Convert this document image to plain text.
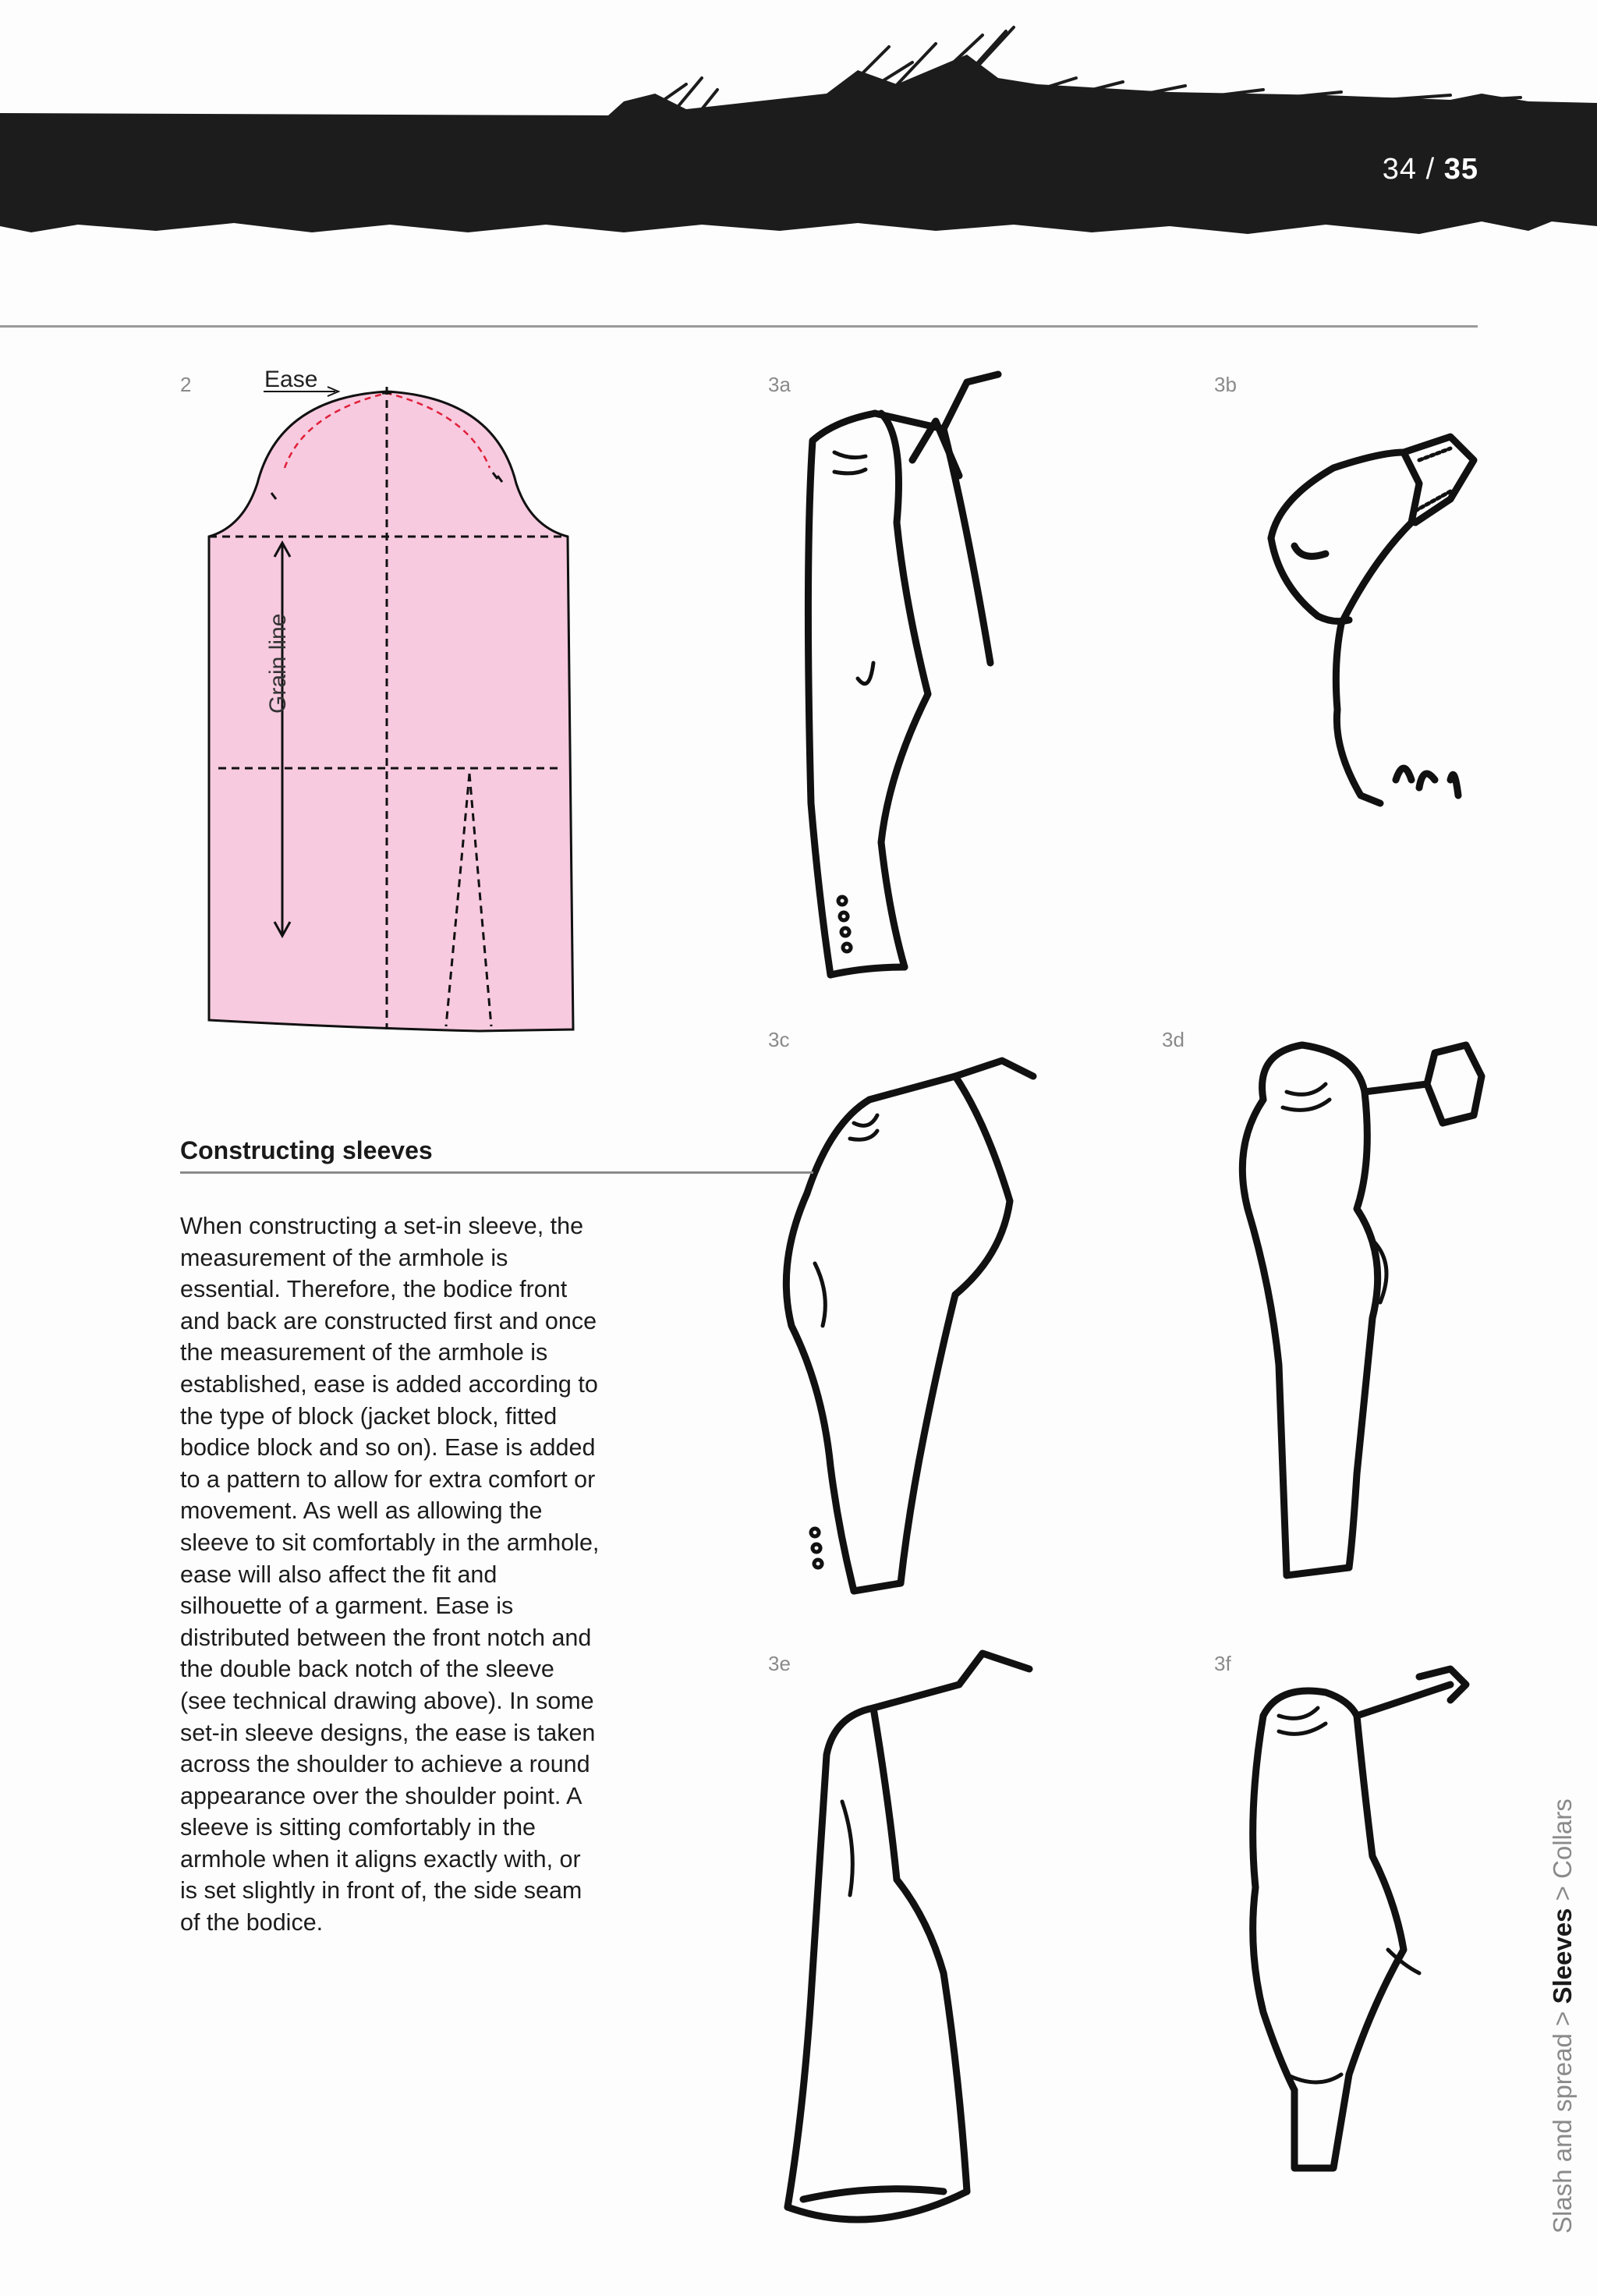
34 / 35
2	Ease
Grain line
3a	3b
3c	3d
3e	3f
Constructing sleeves
When constructing a set-in sleeve, the measurement of the armhole is essential. Therefore, the bodice front and back are constructed first and once the measurement of the armhole is established, ease is added according to the type of block (jacket block, fitted bodice block and so on). Ease is added to a pattern to allow for extra comfort or movement. As well as allowing the sleeve to sit comfortably in the armhole, ease will also affect the fit and silhouette of a garment. Ease is distributed between the front notch and the double back notch of the sleeve (see technical drawing above). In some set-in sleeve designs, the ease is taken across the shoulder to achieve a round appearance over the shoulder point. A sleeve is sitting comfortably in the armhole when it aligns exactly with, or is set slightly in front of, the side seam of the bodice.
Slash and spread > Sleeves > Collars
